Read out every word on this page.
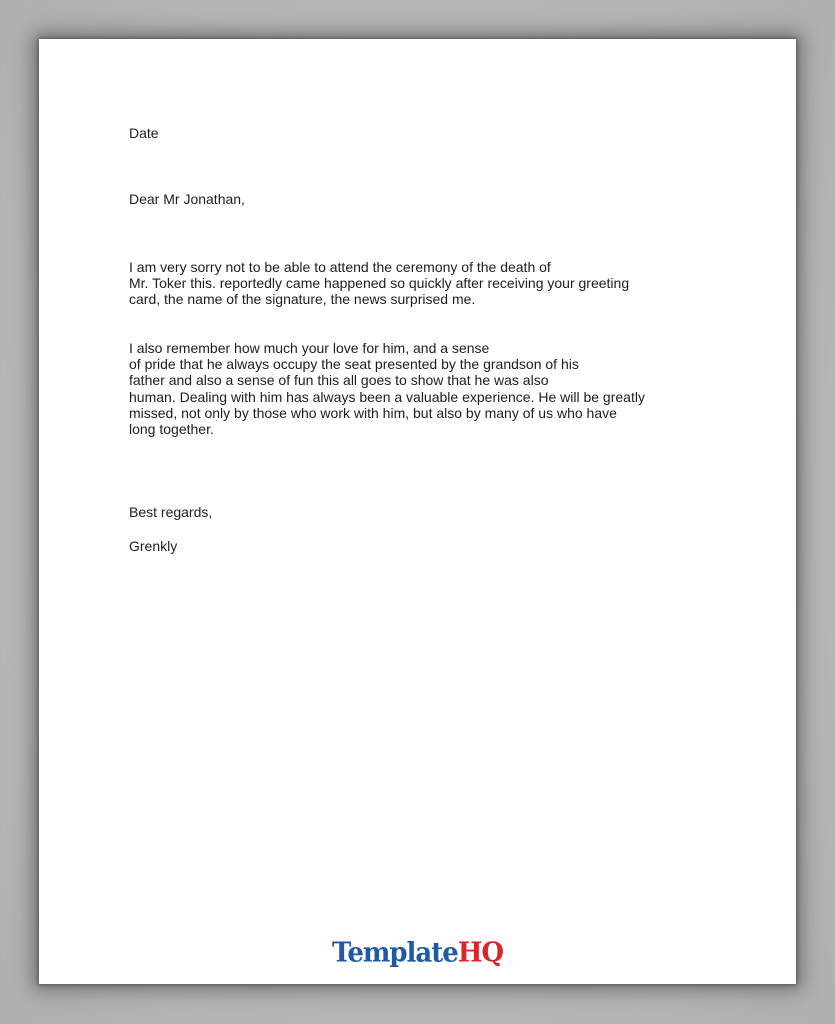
Date
Dear Mr Jonathan,
I am very sorry not to be able to attend the ceremony of the death of
Mr. Toker this. reportedly came happened so quickly after receiving your greeting
card, the name of the signature, the news surprised me.
I also remember how much your love for him, and a sense
of pride that he always occupy the seat presented by the grandson of his
father and also a sense of fun this all goes to show that he was also
human. Dealing with him has always been a valuable experience. He will be greatly
missed, not only by those who work with him, but also by many of us who have
long together.
Best regards,
Grenkly
TemplateHQ
